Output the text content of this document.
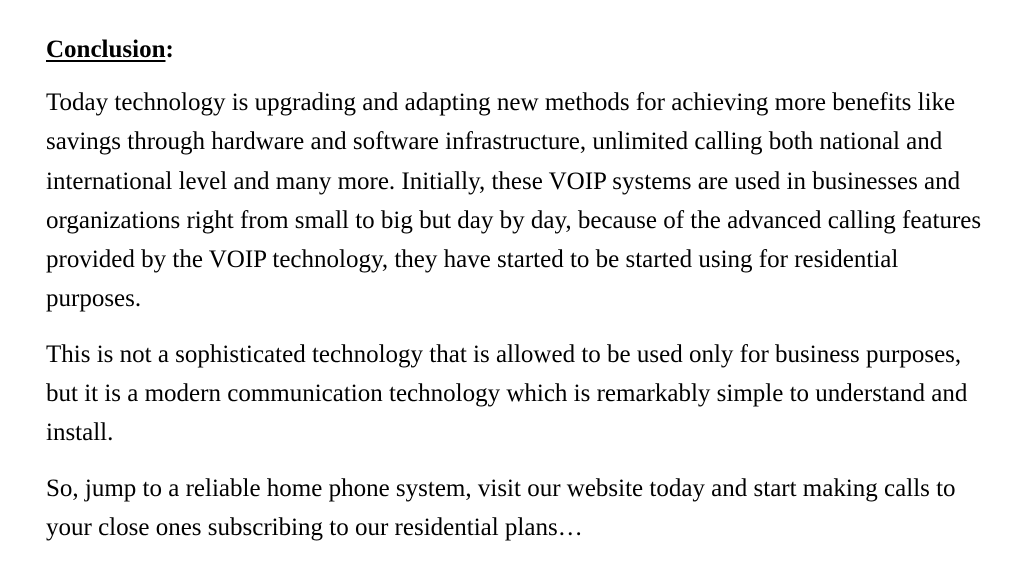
Conclusion:

Today technology is upgrading and adapting new methods for achieving more benefits like savings through hardware and software infrastructure, unlimited calling both national and international level and many more. Initially, these VOIP systems are used in businesses and organizations right from small to big but day by day, because of the advanced calling features provided by the VOIP technology, they have started to be started using for residential purposes.

This is not a sophisticated technology that is allowed to be used only for business purposes, but it is a modern communication technology which is remarkably simple to understand and install.

So, jump to a reliable home phone system, visit our website today and start making calls to your close ones subscribing to our residential plans…
